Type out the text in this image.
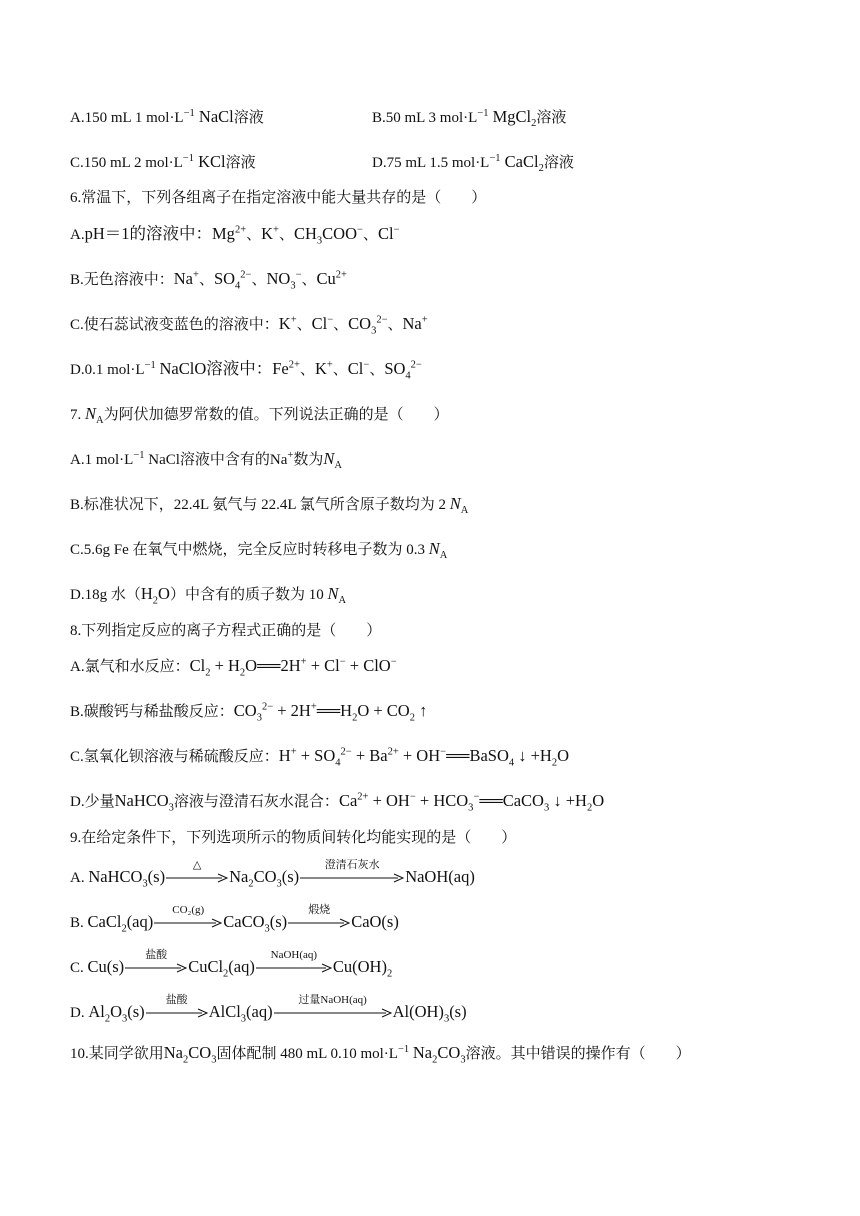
A.150 mL 1 $mol\cdot L^{-1}$ NaCl溶液	B.50 mL 3 $mol\cdot L^{-1}$ MgCl$_2$溶液
C.150 mL 2 $mol\cdot L^{-1}$ KCl溶液	D.75 mL 1.5 $mol\cdot L^{-1}$ CaCl$_2$溶液
6.常温下，下列各组离子在指定溶液中能大量共存的是（ ）
A.pH＝1的溶液中：$Mg^{2+}$、K+、$CH_3COO^-$、Cl−
B.无色溶液中：Na+、$SO_4^{2-}$、$NO_3^-$、$Cu^{2+}$
C.使石蕊试液变蓝色的溶液中：K+、Cl−、$CO_3^{2-}$、Na+
D.0.1 $mol\cdot L^{-1}$ NaClO溶液中：$Fe^{2+}$、K+、Cl−、$SO_4^{2-}$
7. $N_A$为阿伏加德罗常数的值。下列说法正确的是（ ）
A.1 $mol\cdot L^{-1}$ NaCl溶液中含有的Na+数为$N_A$
B.标准状况下，22.4L 氨气与 22.4L 氯气所含原子数均为 2 $N_A$
C.5.6g Fe 在氧气中燃烧，完全反应时转移电子数为 0.3 $N_A$
D.18g 水$(H_2O)$中含有的质子数为 10 $N_A$
8.下列指定反应的离子方程式正确的是（ ）
A.氯气和水反应：$Cl_2$ + $H_2O══2H^+ + Cl^- + ClO^-$
B.碳酸钙与稀盐酸反应：$CO_3^{2-}$ + $2H^+══H_2O + CO_2$ ↑
C.氢氧化钡溶液与稀硫酸反应：$H^+ + SO_4^{2-} + Ba^{2+}$ + OH−══BaSO$_4$ ↓ $+H_2O$
D.少量NaHCO$_3$溶液与澄清石灰水混合：$Ca^{2+} + OH^-$ + $HCO_3^-══CaCO_3$ ↓ $+H_2O$
9.在给定条件下，下列选项所示的物质间转化均能实现的是（ ）
A. NaHCO$_3$(s)
△
$Na_2CO_3(s)$
澄清石灰水
NaOH(aq)
B. CaCl$_2$(aq)
CO₂(g)
CaCO$_3$(s)
煅烧
CaO(s)
C. Cu(s)
盐酸
CuCl$_2$(aq)
NaOH(aq)
$Cu(OH)_2$
D. $Al_2O_3(s)$
盐酸
AlCl$_3$(aq)
过量NaOH(aq)
$Al(OH)_3(s)$
10.某同学欲用$Na_2CO_3$固体配制 480 mL 0.10 $mol\cdot L^{-1}$ $Na_2CO_3$溶液。其中错误的操作有（ ）
